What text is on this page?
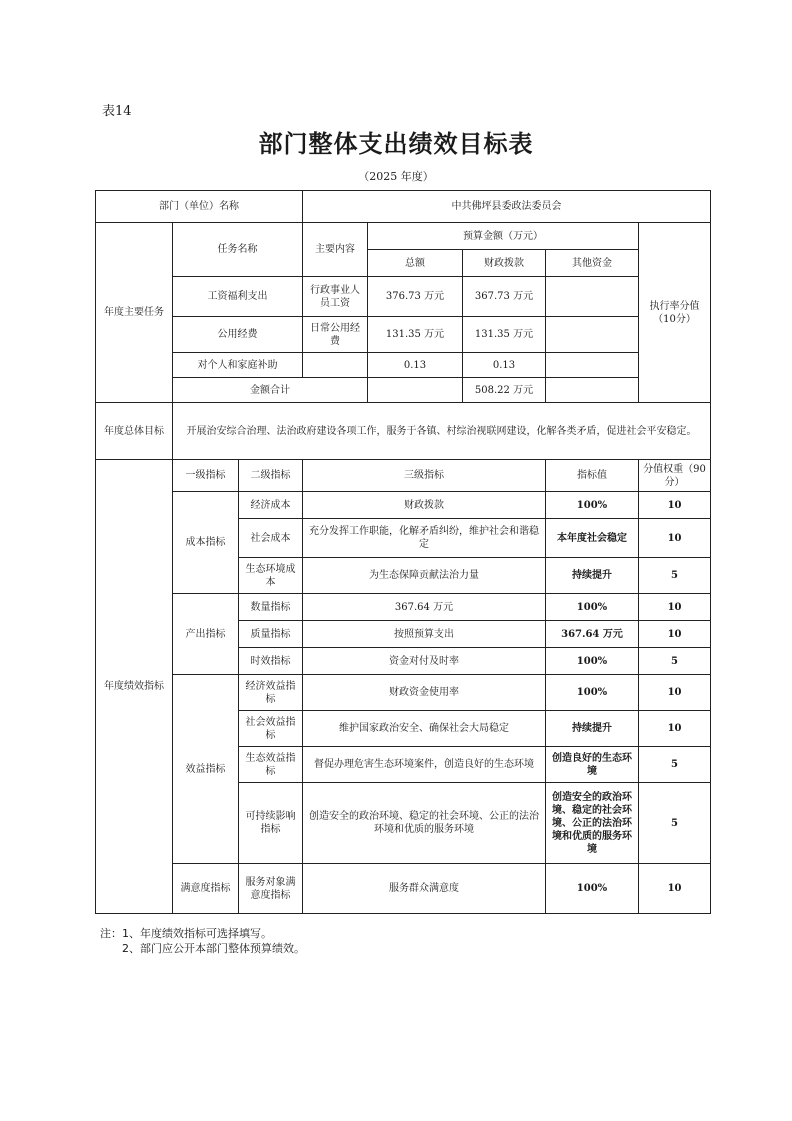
表14
部门整体支出绩效目标表
（2025 年度）
部门（单位）名称			中共佛坪县委政法委员会				
年度主要任务	任务名称		主要内容	预算金额（万元）			执行率分值（10分）
				总额	财政拨款	其他资金	
	工资福利支出		行政事业人员工资	376.73 万元	367.73 万元		
	公用经费		日常公用经费	131.35 万元	131.35 万元		
	对个人和家庭补助			0.13	0.13		
	金额合计				508.22 万元		
年度总体目标	开展治安综合治理、法治政府建设各项工作，服务于各镇、村综治视联网建设，化解各类矛盾，促进社会平安稳定。						
年度绩效指标	一级指标	二级指标	三级指标			指标值	分值权重（90 分）
	成本指标	经济成本	财政拨款			100%	10
		社会成本	充分发挥工作职能，化解矛盾纠纷，维护社会和谐稳定			本年度社会稳定	10
		生态环境成本	为生态保障贡献法治力量			持续提升	5
	产出指标	数量指标	367.64 万元			100%	10
		质量指标	按照预算支出			367.64 万元	10
		时效指标	资金对付及时率			100%	5
	效益指标	经济效益指标	财政资金使用率			100%	10
		社会效益指标	维护国家政治安全、确保社会大局稳定			持续提升	10
		生态效益指标	督促办理危害生态环境案件，创造良好的生态环境			创造良好的生态环境	5
		可持续影响指标	创造安全的政治环境、稳定的社会环境、公正的法治环境和优质的服务环境			创造安全的政治环境、稳定的社会环境、公正的法治环境和优质的服务环境	5
	满意度指标	服务对象满意度指标	服务群众满意度			100%	10
注：1、年度绩效指标可选择填写。
2、部门应公开本部门整体预算绩效。
